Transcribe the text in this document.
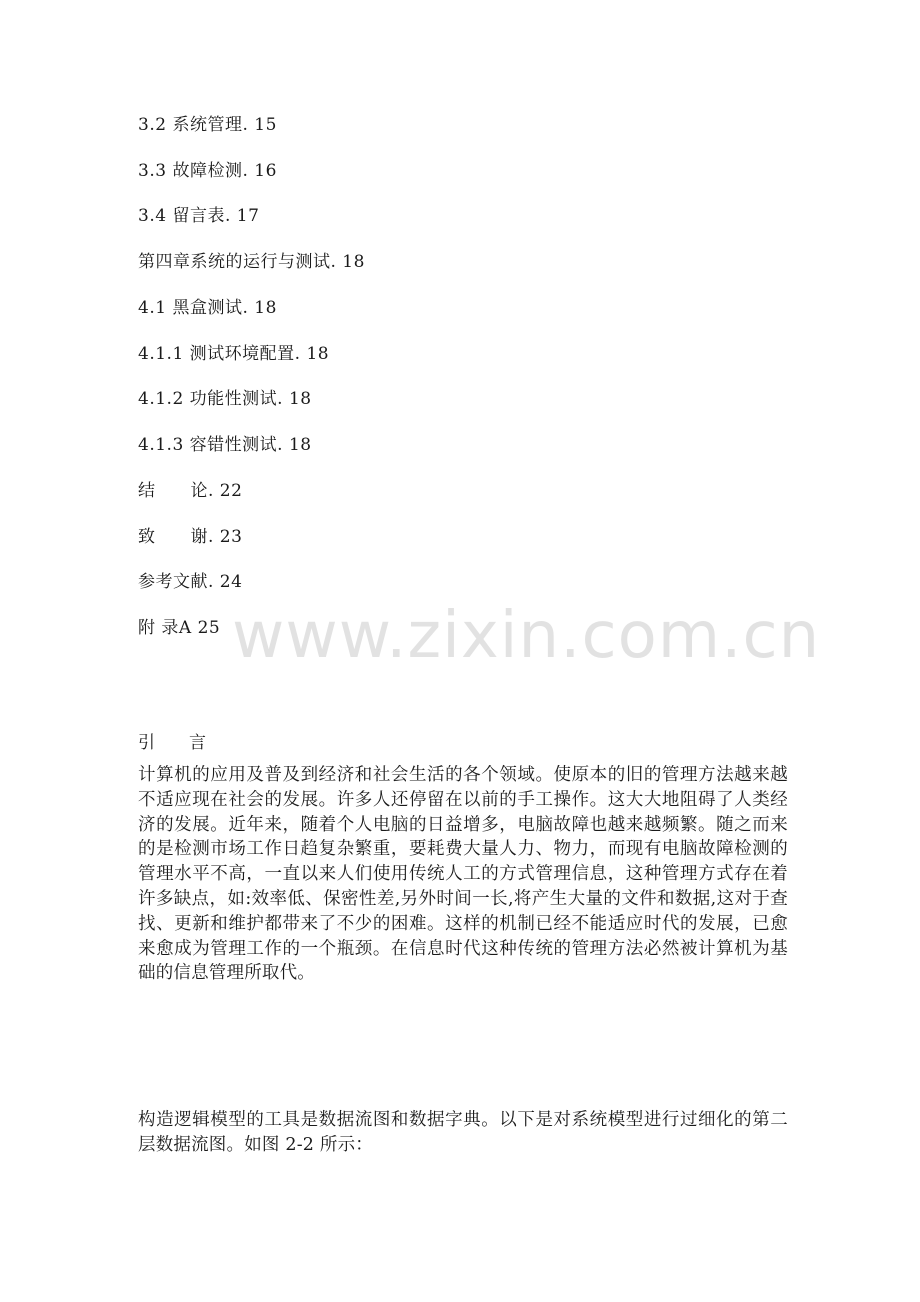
3.2 系统管理. 15
3.3 故障检测. 16
3.4 留言表. 17
第四章系统的运行与测试. 18
4.1 黑盒测试. 18
4.1.1 测试环境配置. 18
4.1.2 功能性测试. 18
4.1.3 容错性测试. 18
结　　论. 22
致　　谢. 23
参考文献. 24
附 录A 25 www.zixin.com.cn
引　　言
计算机的应用及普及到经济和社会生活的各个领域。使原本的旧的管理方法越来越不适应现在社会的发展。许多人还停留在以前的手工操作。这大大地阻碍了人类经济的发展。近年来，随着个人电脑的日益增多，电脑故障也越来越频繁。随之而来的是检测市场工作日趋复杂繁重，要耗费大量人力、物力，而现有电脑故障检测的管理水平不高，一直以来人们使用传统人工的方式管理信息，这种管理方式存在着许多缺点，如:效率低、保密性差,另外时间一长,将产生大量的文件和数据,这对于查找、更新和维护都带来了不少的困难。这样的机制已经不能适应时代的发展，已愈来愈成为管理工作的一个瓶颈。在信息时代这种传统的管理方法必然被计算机为基础的信息管理所取代。
构造逻辑模型的工具是数据流图和数据字典。以下是对系统模型进行过细化的第二层数据流图。如图 2-2 所示：
